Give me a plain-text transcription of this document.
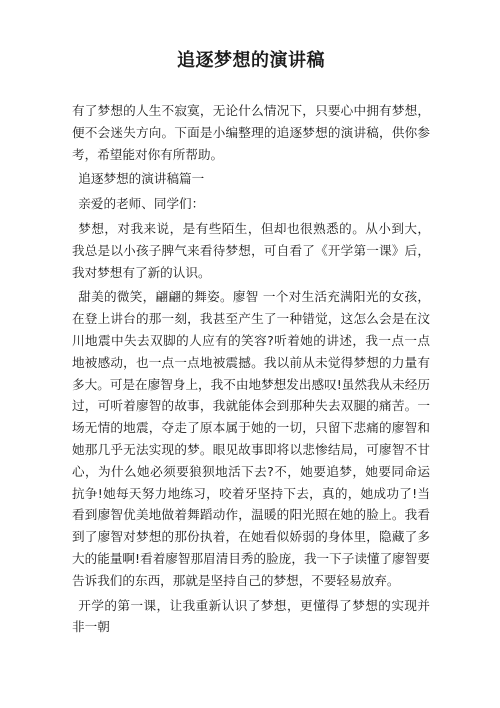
追逐梦想的演讲稿

有了梦想的人生不寂寞，无论什么情况下，只要心中拥有梦想，便不会迷失方向。下面是小编整理的追逐梦想的演讲稿，供你参考，希望能对你有所帮助。

追逐梦想的演讲稿篇一

亲爱的老师、同学们：

梦想，对我来说，是有些陌生，但却也很熟悉的。从小到大，我总是以小孩子脾气来看待梦想，可自看了《开学第一课》后，我对梦想有了新的认识。

甜美的微笑，翩翩的舞姿。廖智 一个对生活充满阳光的女孩，在登上讲台的那一刻，我甚至产生了一种错觉，这怎么会是在汶川地震中失去双脚的人应有的笑容?听着她的讲述，我一点一点地被感动，也一点一点地被震撼。我以前从未觉得梦想的力量有多大。可是在廖智身上，我不由地梦想发出感叹!虽然我从未经历过，可听着廖智的故事，我就能体会到那种失去双腿的痛苦。一场无情的地震，夺走了原本属于她的一切，只留下悲痛的廖智和她那几乎无法实现的梦。眼见故事即将以悲惨结局，可廖智不甘心，为什么她必须要狼狈地活下去?不，她要追梦，她要同命运抗争!她每天努力地练习，咬着牙坚持下去，真的，她成功了!当看到廖智优美地做着舞蹈动作，温暖的阳光照在她的脸上。我看到了廖智对梦想的那份执着，在她看似娇弱的身体里，隐藏了多大的能量啊!看着廖智那眉清目秀的脸庞，我一下子读懂了廖智要告诉我们的东西，那就是坚持自己的梦想，不要轻易放弃。

开学的第一课，让我重新认识了梦想，更懂得了梦想的实现并非一朝
